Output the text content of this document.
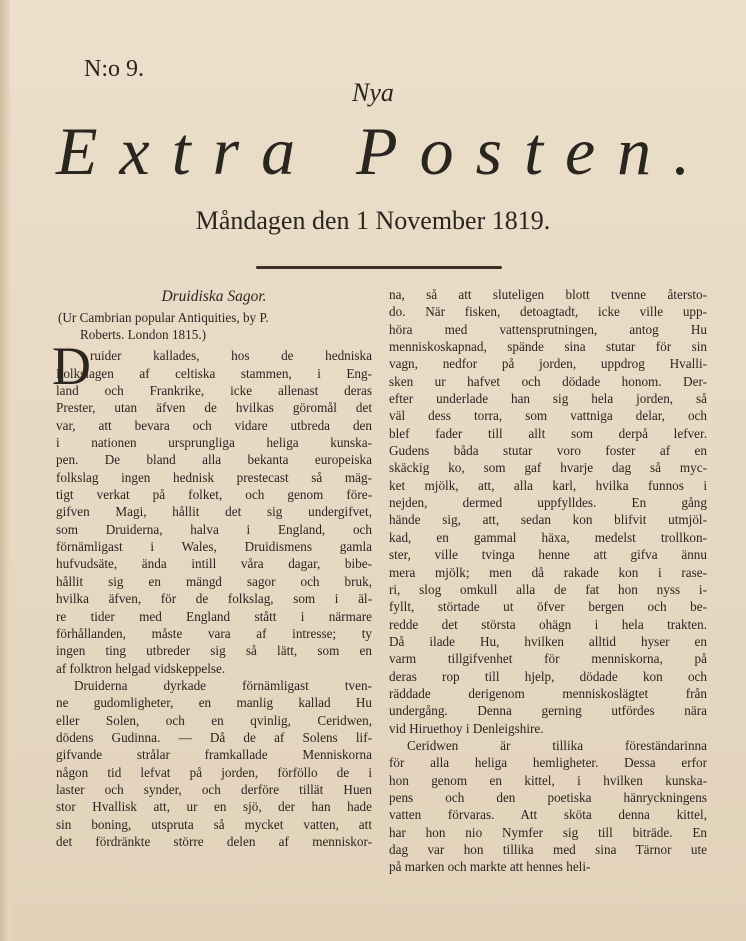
N:o 9.
Nya
Extra Posten.
Måndagen den 1 November 1819.
Druidiska Sagor.
(Ur Cambrian popular Antiquities, by P.
Roberts. London 1815.)
D ruider kallades, hos de hedniska
Folkslagen af celtiska stammen, i Eng-
land och Frankrike, icke allenast deras
Prester, utan äfven de hvilkas göromål det
var, att bevara och vidare utbreda den
i nationen ursprungliga heliga kunska-
pen. De bland alla bekanta europeiska
folkslag ingen hednisk prestecast så mäg-
tigt verkat på folket, och genom före-
gifven Magi, hållit det sig undergifvet,
som Druiderna, halva i England, och
förnämligast i Wales, Druidismens gamla
hufvudsäte, ända intill våra dagar, bibe-
hållit sig en mängd sagor och bruk,
hvilka äfven, för de folkslag, som i äl-
re tider med England stått i närmare
förhållanden, måste vara af intresse; ty
ingen ting utbreder sig så lätt, som en
af folktron helgad vidskeppelse.
Druiderna dyrkade förnämligast tven-
ne gudomligheter, en manlig kallad Hu
eller Solen, och en qvinlig, Ceridwen,
dödens Gudinna. — Då de af Solens lif-
gifvande strålar framkallade Menniskorna
någon tid lefvat på jorden, förföllo de i
laster och synder, och derföre tillät Huen
stor Hvallisk att, ur en sjö, der han hade
sin boning, utspruta så mycket vatten, att
det fördränkte större delen af menniskor-
na, så att sluteligen blott tvenne återsto-
do. När fisken, detoagtadt, icke ville upp-
höra med vattensprutningen, antog Hu
menniskoskapnad, spände sina stutar för sin
vagn, nedfor på jorden, uppdrog Hvalli-
sken ur hafvet och dödade honom. Der-
efter underlade han sig hela jorden, så
väl dess torra, som vattniga delar, och
blef fader till allt som derpå lefver.
Gudens båda stutar voro foster af en
skäckig ko, som gaf hvarje dag så myc-
ket mjölk, att, alla karl, hvilka funnos i
nejden, dermed uppfylldes. En gång
hände sig, att, sedan kon blifvit utmjöl-
kad, en gammal häxa, medelst trollkon-
ster, ville tvinga henne att gifva ännu
mera mjölk; men då rakade kon i rase-
ri, slog omkull alla de fat hon nyss i-
fyllt, störtade ut öfver bergen och be-
redde det största ohägn i hela trakten.
Då ilade Hu, hvilken alltid hyser en
varm tillgifvenhet för menniskorna, på
deras rop till hjelp, dödade kon och
räddade derigenom menniskoslägtet från
undergång. Denna gerning utfördes nära
vid Hiruethoy i Denleigshire.
Ceridwen är tillika föreständarinna
för alla heliga hemligheter. Dessa erfor
hon genom en kittel, i hvilken kunska-
pens och den poetiska hänryckningens
vatten förvaras. Att sköta denna kittel,
har hon nio Nymfer sig till biträde. En
dag var hon tillika med sina Tärnor ute
på marken och markte att hennes heli-
